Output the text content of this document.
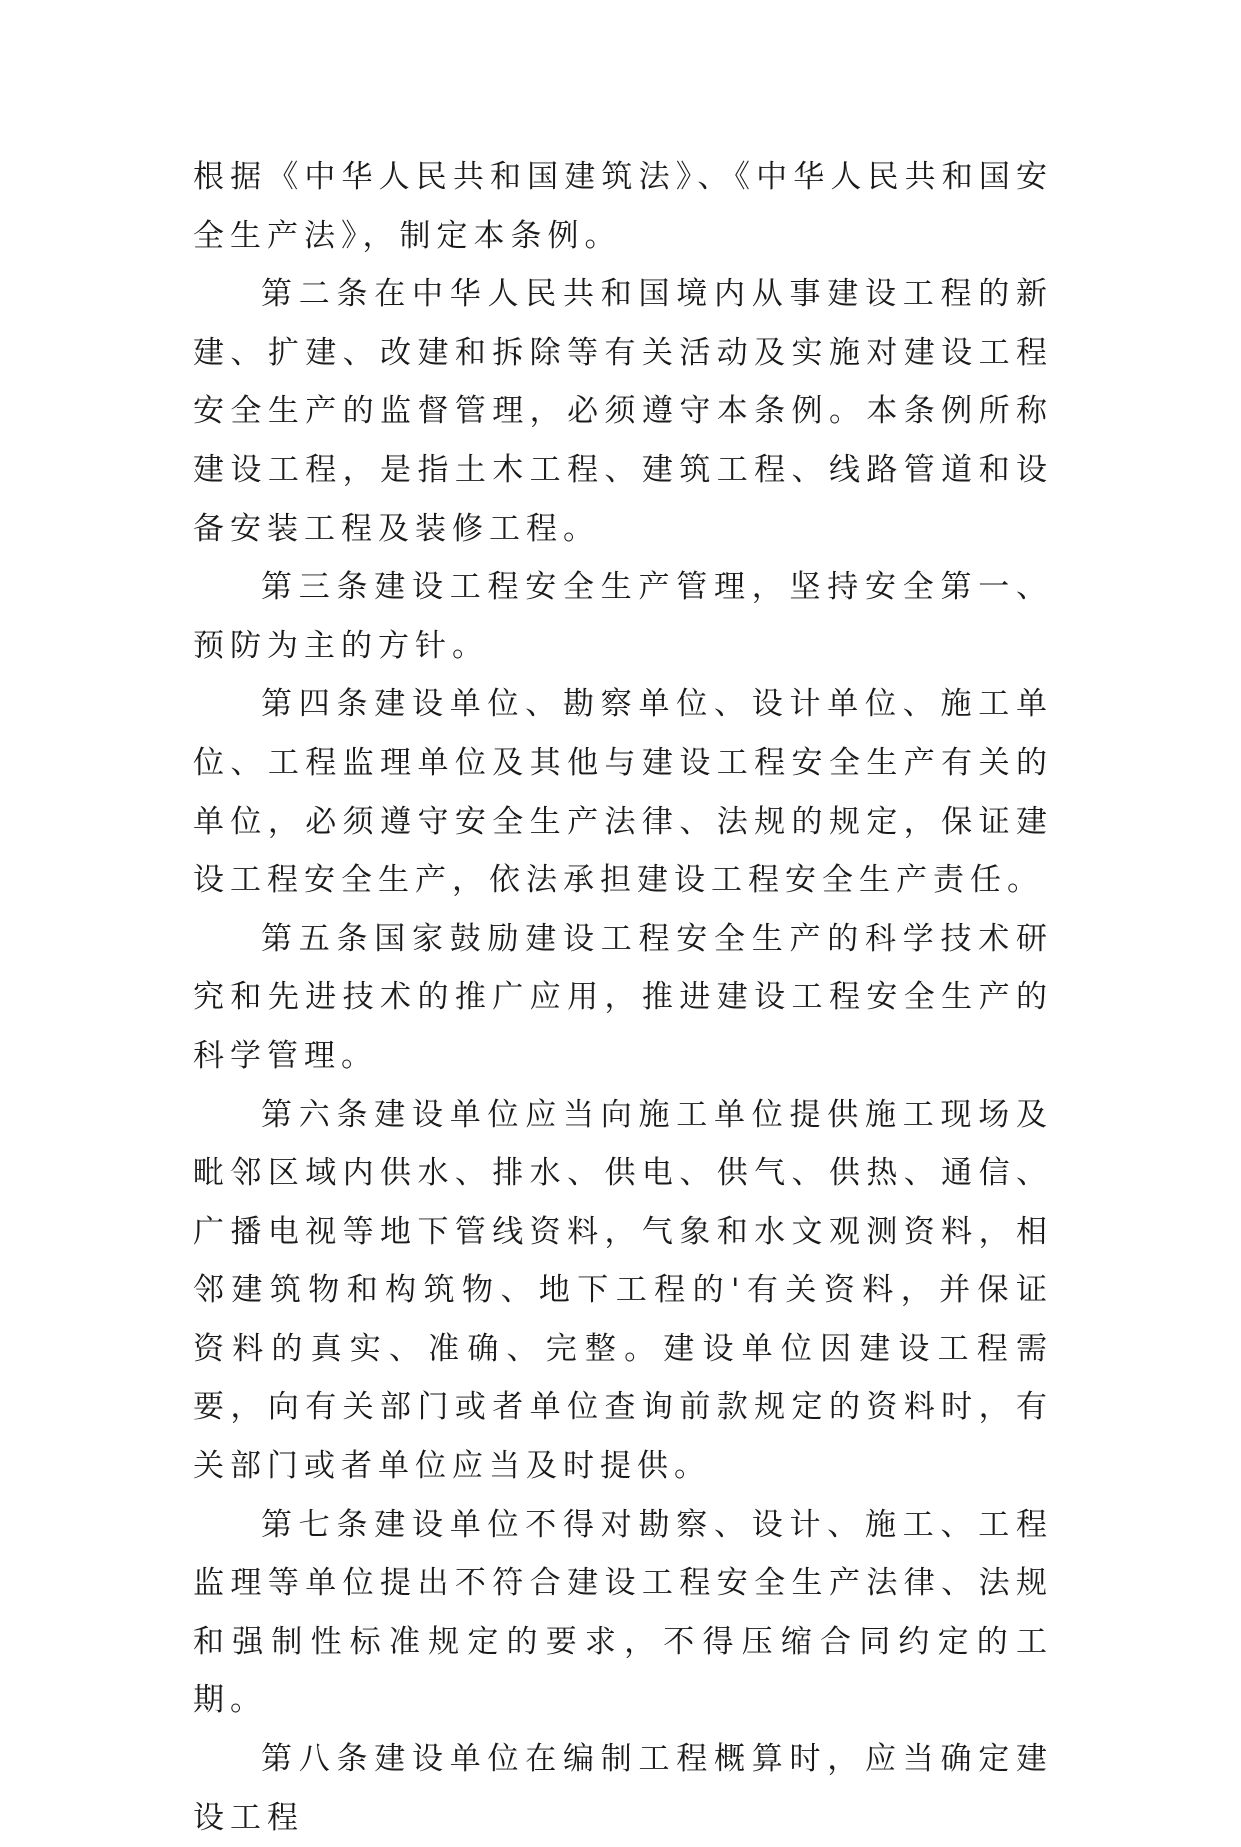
根据《中华人民共和国建筑法》、《中华人民共和国安全生产法》，制定本条例。

第二条在中华人民共和国境内从事建设工程的新建、扩建、改建和拆除等有关活动及实施对建设工程安全生产的监督管理，必须遵守本条例。本条例所称建设工程，是指土木工程、建筑工程、线路管道和设备安装工程及装修工程。

第三条建设工程安全生产管理，坚持安全第一、预防为主的方针。

第四条建设单位、勘察单位、设计单位、施工单位、工程监理单位及其他与建设工程安全生产有关的单位，必须遵守安全生产法律、法规的规定，保证建设工程安全生产，依法承担建设工程安全生产责任。

第五条国家鼓励建设工程安全生产的科学技术研究和先进技术的推广应用，推进建设工程安全生产的科学管理。

第六条建设单位应当向施工单位提供施工现场及毗邻区域内供水、排水、供电、供气、供热、通信、广播电视等地下管线资料，气象和水文观测资料，相邻建筑物和构筑物、地下工程的'有关资料，并保证资料的真实、准确、完整。建设单位因建设工程需要，向有关部门或者单位查询前款规定的资料时，有关部门或者单位应当及时提供。

第七条建设单位不得对勘察、设计、施工、工程监理等单位提出不符合建设工程安全生产法律、法规和强制性标准规定的要求，不得压缩合同约定的工期。

第八条建设单位在编制工程概算时，应当确定建设工程
